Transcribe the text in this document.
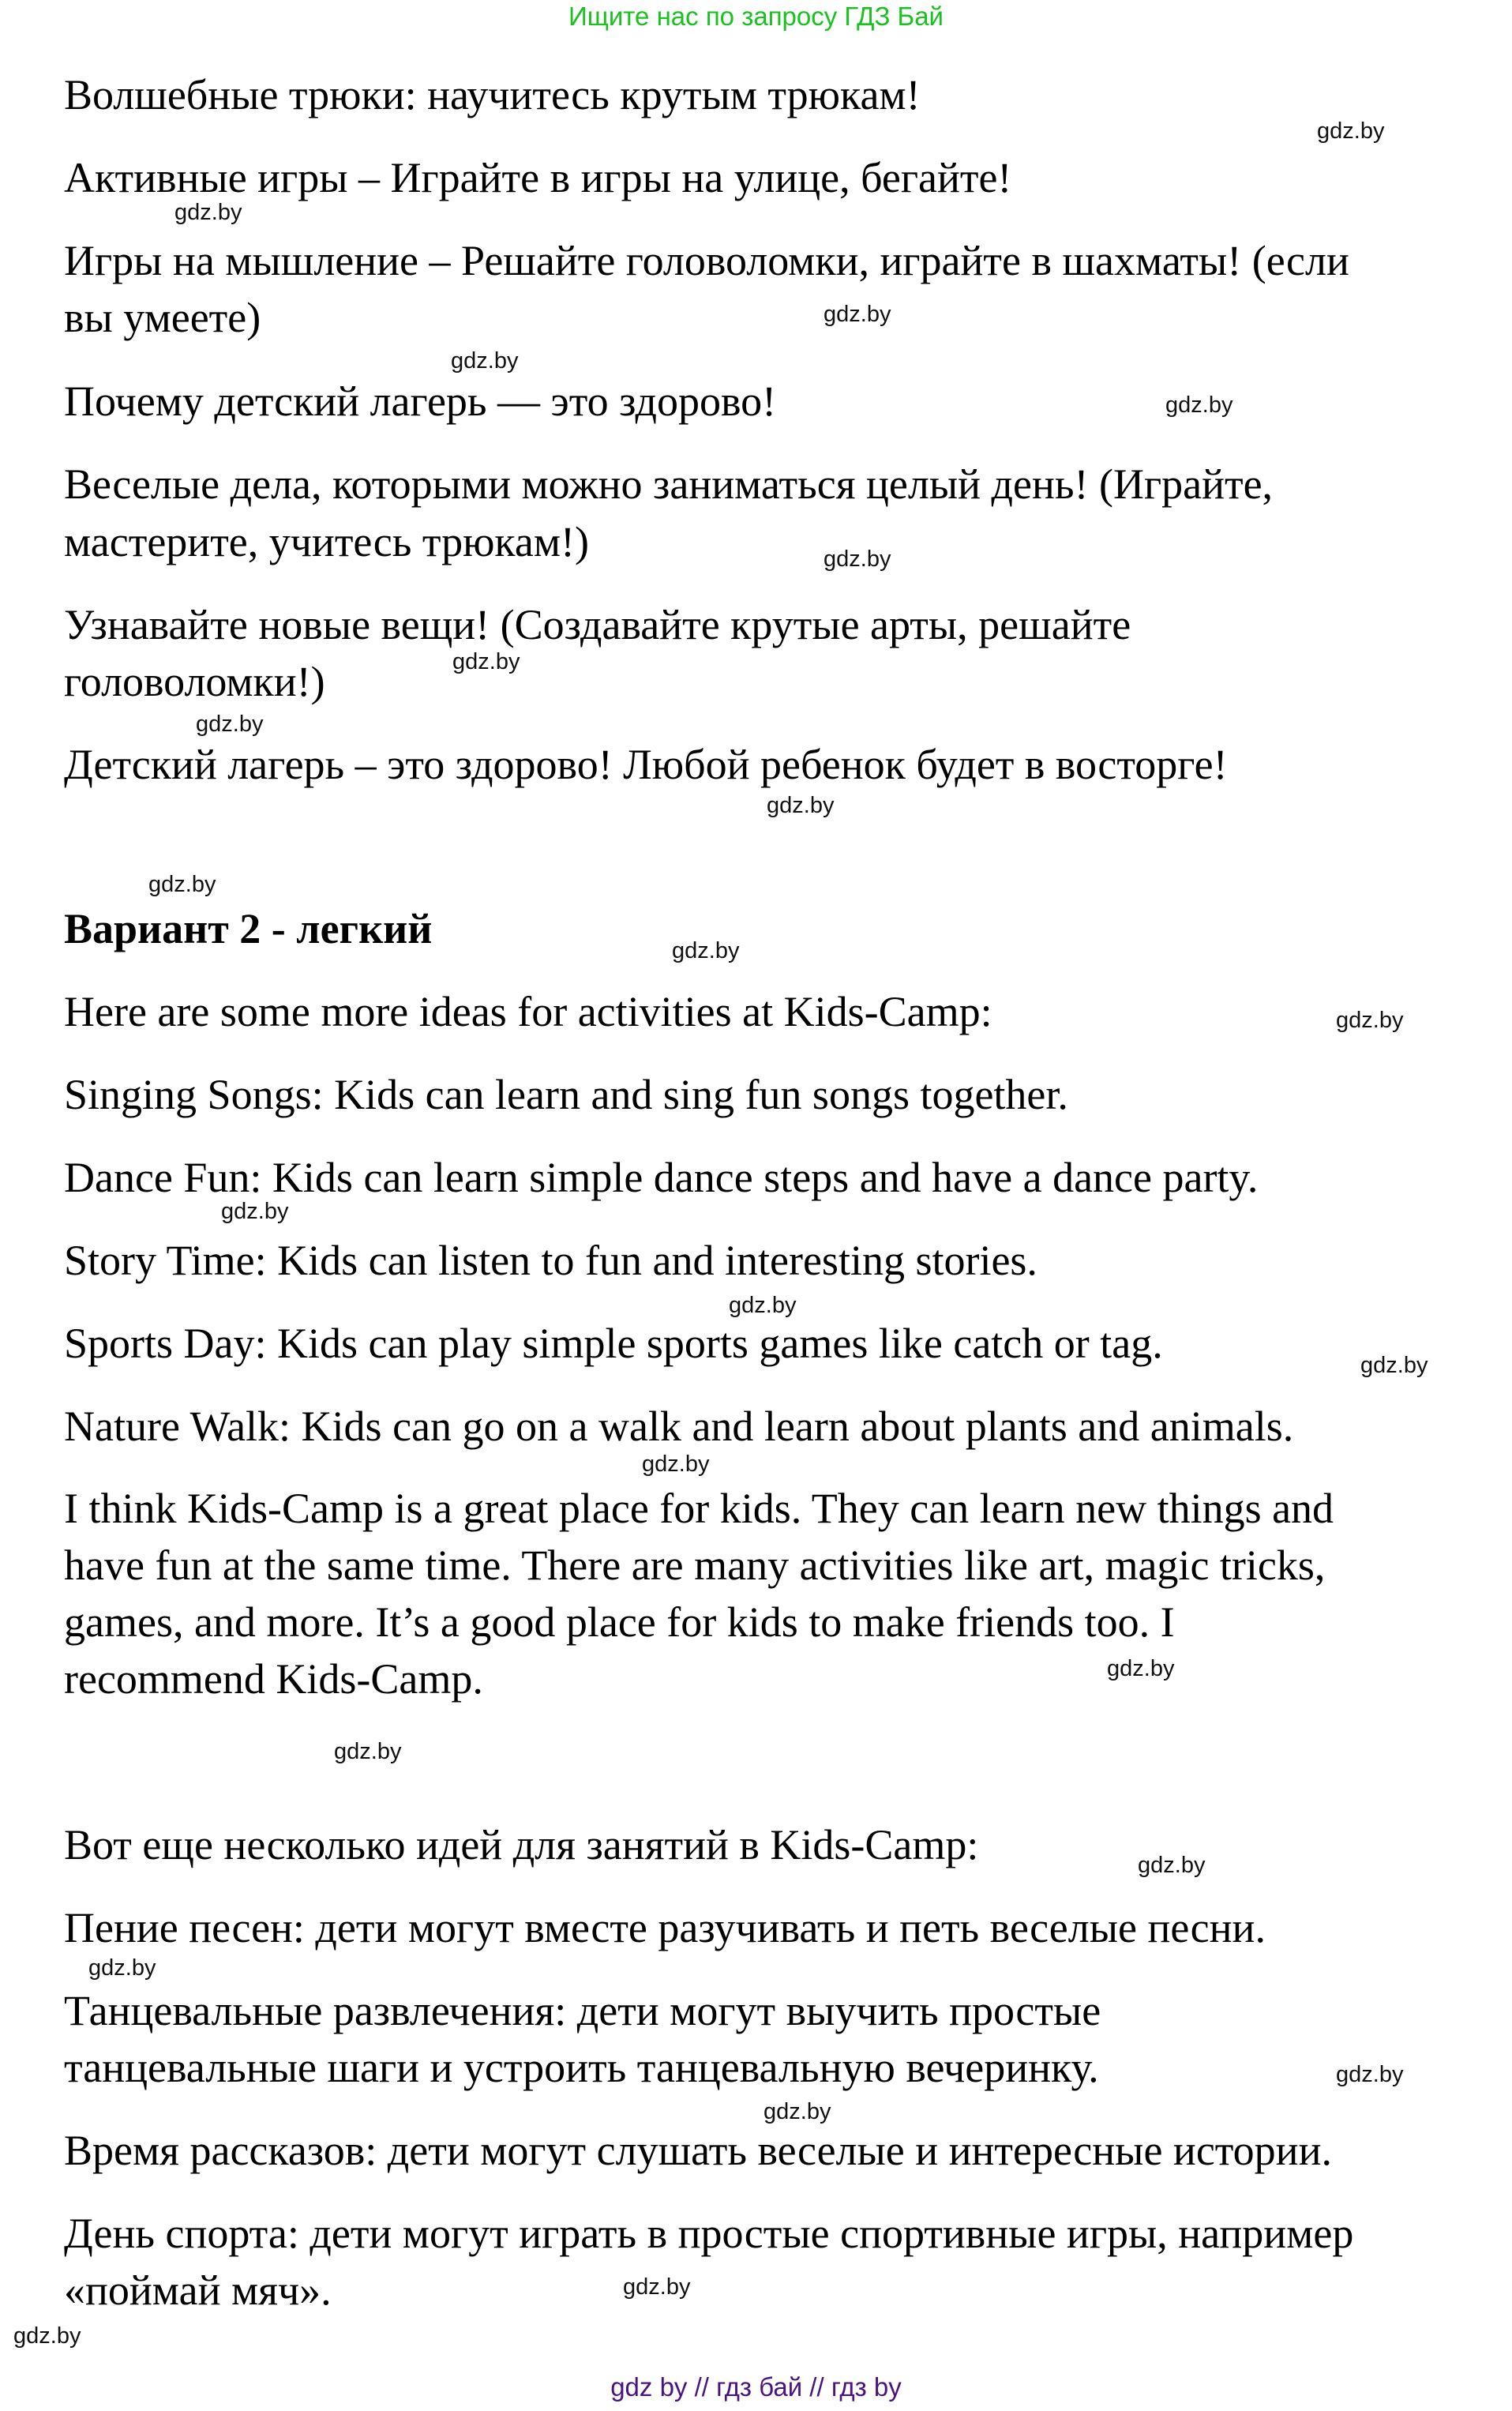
Ищите нас по запросу ГДЗ Бай
Волшебные трюки: научитесь крутым трюкам!
Активные игры – Играйте в игры на улице, бегайте!
Игры на мышление – Решайте головоломки, играйте в шахматы! (если
вы умеете)
Почему детский лагерь — это здорово!
Веселые дела, которыми можно заниматься целый день! (Играйте,
мастерите, учитесь трюкам!)
Узнавайте новые вещи! (Создавайте крутые арты, решайте
головоломки!)
Детский лагерь – это здорово! Любой ребенок будет в восторге!
Вариант 2 - легкий
Here are some more ideas for activities at Kids-Camp:
Singing Songs: Kids can learn and sing fun songs together.
Dance Fun: Kids can learn simple dance steps and have a dance party.
Story Time: Kids can listen to fun and interesting stories.
Sports Day: Kids can play simple sports games like catch or tag.
Nature Walk: Kids can go on a walk and learn about plants and animals.
I think Kids-Camp is a great place for kids. They can learn new things and
have fun at the same time. There are many activities like art, magic tricks,
games, and more. It’s a good place for kids to make friends too. I
recommend Kids-Camp.
Вот еще несколько идей для занятий в Kids-Camp:
Пение песен: дети могут вместе разучивать и петь веселые песни.
Танцевальные развлечения: дети могут выучить простые
танцевальные шаги и устроить танцевальную вечеринку.
Время рассказов: дети могут слушать веселые и интересные истории.
День спорта: дети могут играть в простые спортивные игры, например
«поймай мяч».
gdz.by
gdz.by
gdz.by
gdz.by
gdz.by
gdz.by
gdz.by
gdz.by
gdz.by
gdz.by
gdz.by
gdz.by
gdz.by
gdz.by
gdz.by
gdz.by
gdz.by
gdz.by
gdz.by
gdz.by
gdz.by
gdz.by
gdz.by
gdz.by
gdz by // гдз бай // гдз by
